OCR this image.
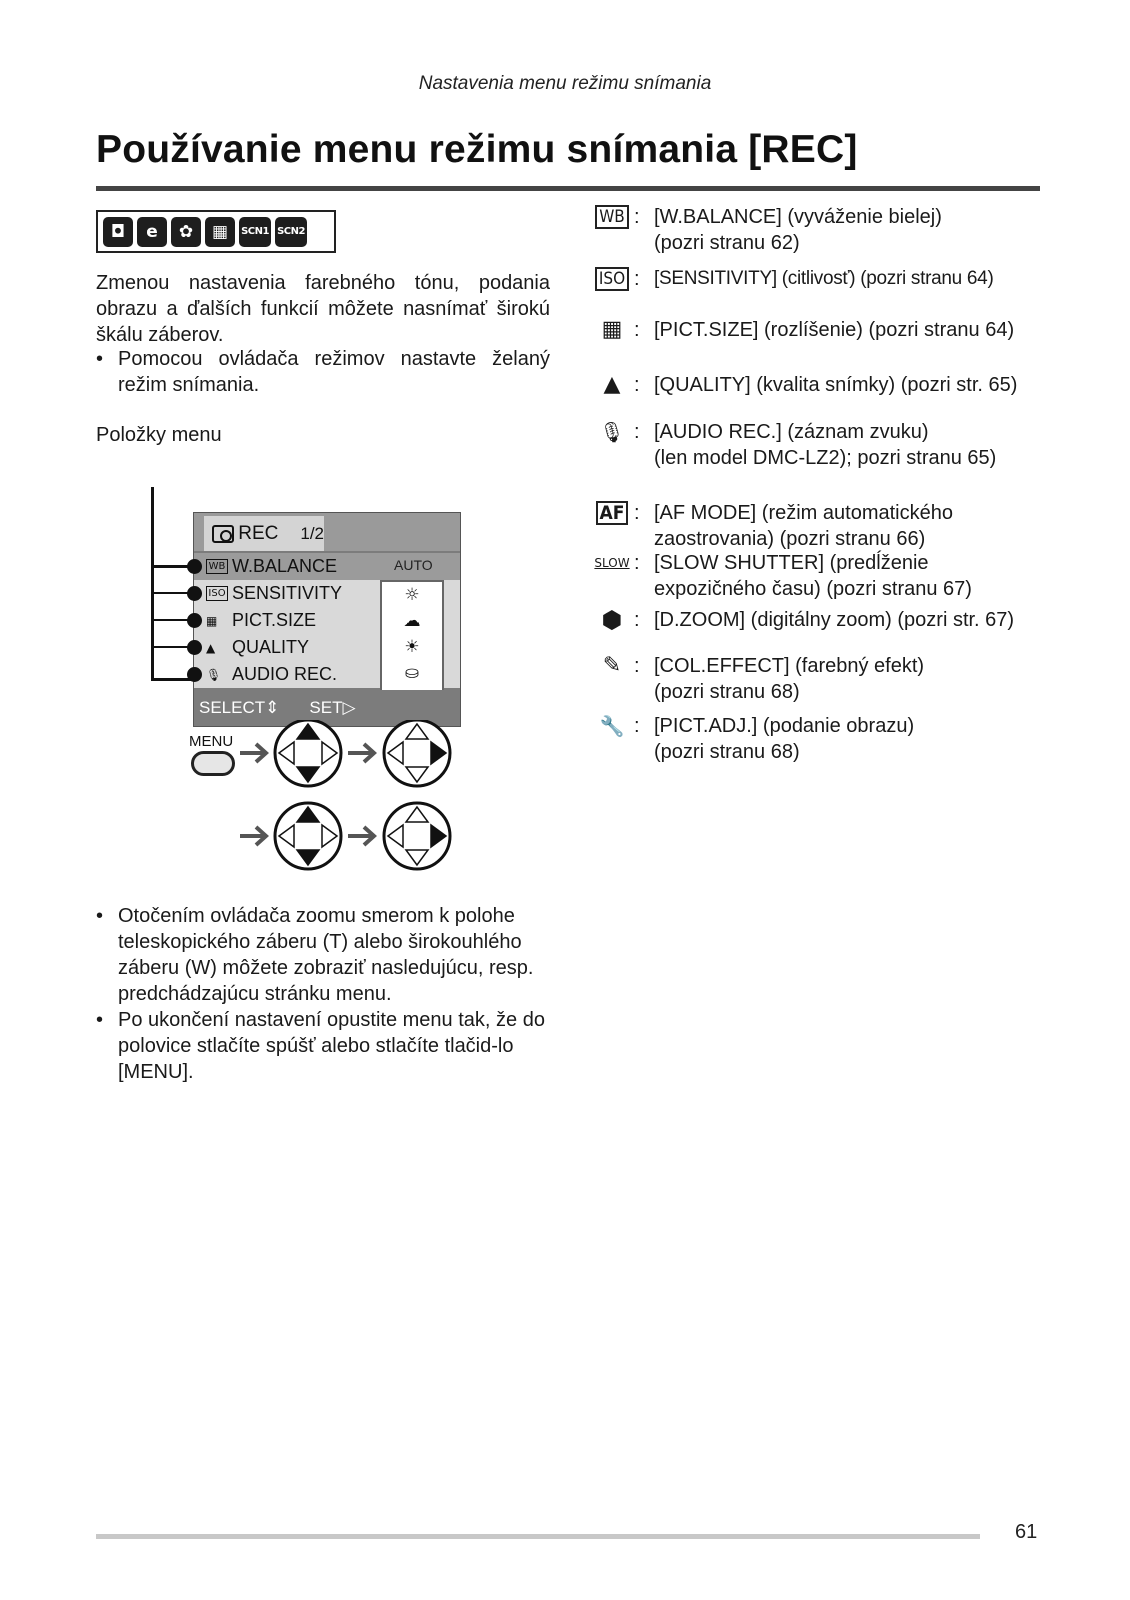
Nastavenia menu režimu snímania
Používanie menu režimu snímania [REC]
◘	e	✿	▦	SCN1 SCN2

Zmenou nastavenia farebného tónu, podania obrazu a ďalších funkcií môžete nasnímať širokú škálu záberov.

• Pomocou ovládača režimov nastavte želaný režim snímania.

Položky menu

REC 1/2
WB W.BALANCE
ISO SENSITIVITY
▦ PICT.SIZE
▲ QUALITY
🎙 AUDIO REC.
AUTO
☼
☁
☀
⛀
SELECT⇕ SET▷
MENU
• Otočením ovládača zoomu smerom k polohe teleskopického záberu (T) alebo širokouhlého záberu (W) môžete zobraziť nasledujúcu, resp. predchádzajúcu stránku menu.
• Po ukončení nastavení opustite menu tak, že do polovice stlačíte spúšť alebo stlačíte tlačid-lo [MENU].
WB : [W.BALANCE] (vyváženie bielej)
(pozri stranu 62)
ISO : [SENSITIVITY] (citlivosť) (pozri stranu 64)
▦ : [PICT.SIZE] (rozlíšenie) (pozri stranu 64)
▲ : [QUALITY] (kvalita snímky) (pozri str. 65)
🎙 : [AUDIO REC.] (záznam zvuku)
(len model DMC-LZ2); pozri stranu 65)
AF : [AF MODE] (režim automatického
zaostrovania) (pozri stranu 66)
SLOW : [SLOW SHUTTER] (predĺženie
expozičného času) (pozri stranu 67)
⬢ : [D.ZOOM] (digitálny zoom) (pozri str. 67)
✎ : [COL.EFFECT] (farebný efekt)
(pozri stranu 68)
🔧 : [PICT.ADJ.] (podanie obrazu)
(pozri stranu 68)
61
